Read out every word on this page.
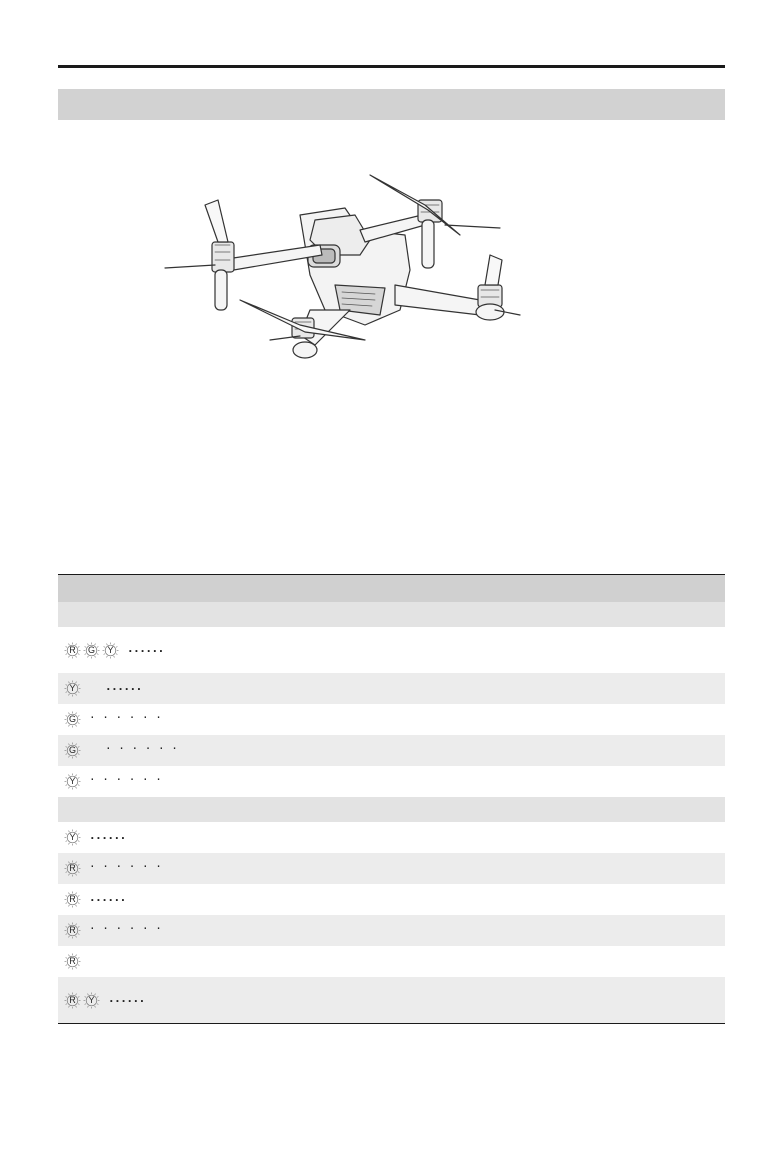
R G Y ......
Y	......
G · · · · · ·
G	· · · · · ·
Y · · · · · ·
Y ......
R · · · · · ·
R ......
R · · · · · ·
R
R Y ......
